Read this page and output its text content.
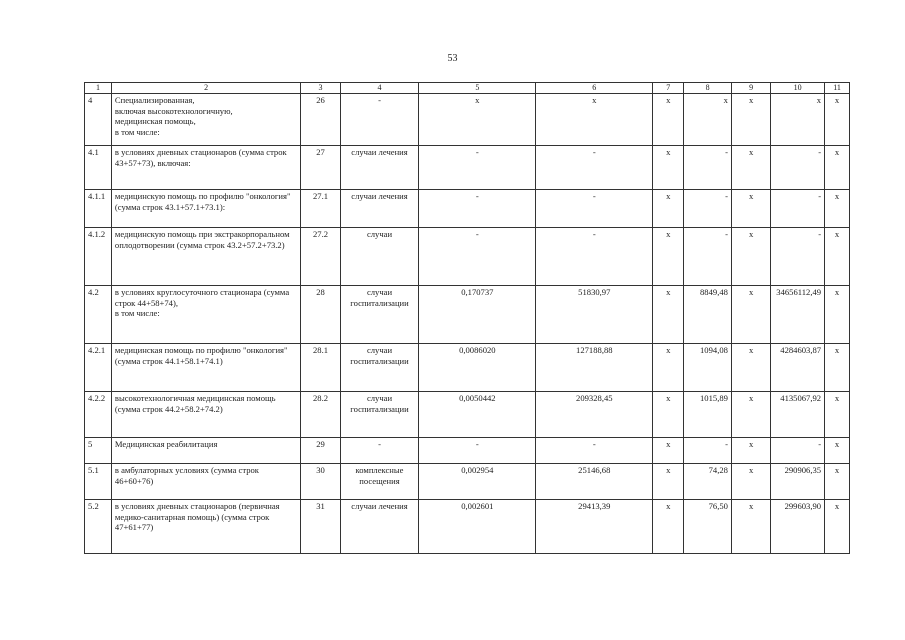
53
1	2	3	4	5	6	7	8	9	10	11
4	Специализированная,
включая высокотехнологичную,
медицинская помощь,
в том числе:	26	-	x	x	x	x	x	x	x
4.1	в условиях дневных стационаров (сумма строк 43+57+73), включая:	27	случаи лечения	-	-	x	-	x	-	x
4.1.1	медицинскую помощь по профилю "онкология" (сумма строк 43.1+57.1+73.1):	27.1	случаи лечения	-	-	x	-	x	-	x
4.1.2	медицинскую помощь при экстракорпоральном оплодотворении (сумма строк 43.2+57.2+73.2)	27.2	случаи	-	-	x	-	x	-	x
4.2	в условиях круглосуточного стационара (сумма строк 44+58+74),
в том числе:	28	случаи госпитализации	0,170737	51830,97	x	8849,48	x	34656112,49	x
4.2.1	медицинская помощь по профилю "онкология" (сумма строк 44.1+58.1+74.1)	28.1	случаи госпитализации	0,0086020	127188,88	x	1094,08	x	4284603,87	x
4.2.2	высокотехнологичная медицинская помощь
(сумма строк 44.2+58.2+74.2)	28.2	случаи госпитализации	0,0050442	209328,45	x	1015,89	x	4135067,92	x
5	Медицинская реабилитация	29	-	-	-	x	-	x	-	x
5.1	в амбулаторных условиях (сумма строк 46+60+76)	30	комплексные посещения	0,002954	25146,68	x	74,28	x	290906,35	x
5.2	в условиях дневных стационаров (первичная медико-санитарная помощь) (сумма строк 47+61+77)	31	случаи лечения	0,002601	29413,39	x	76,50	x	299603,90	x
